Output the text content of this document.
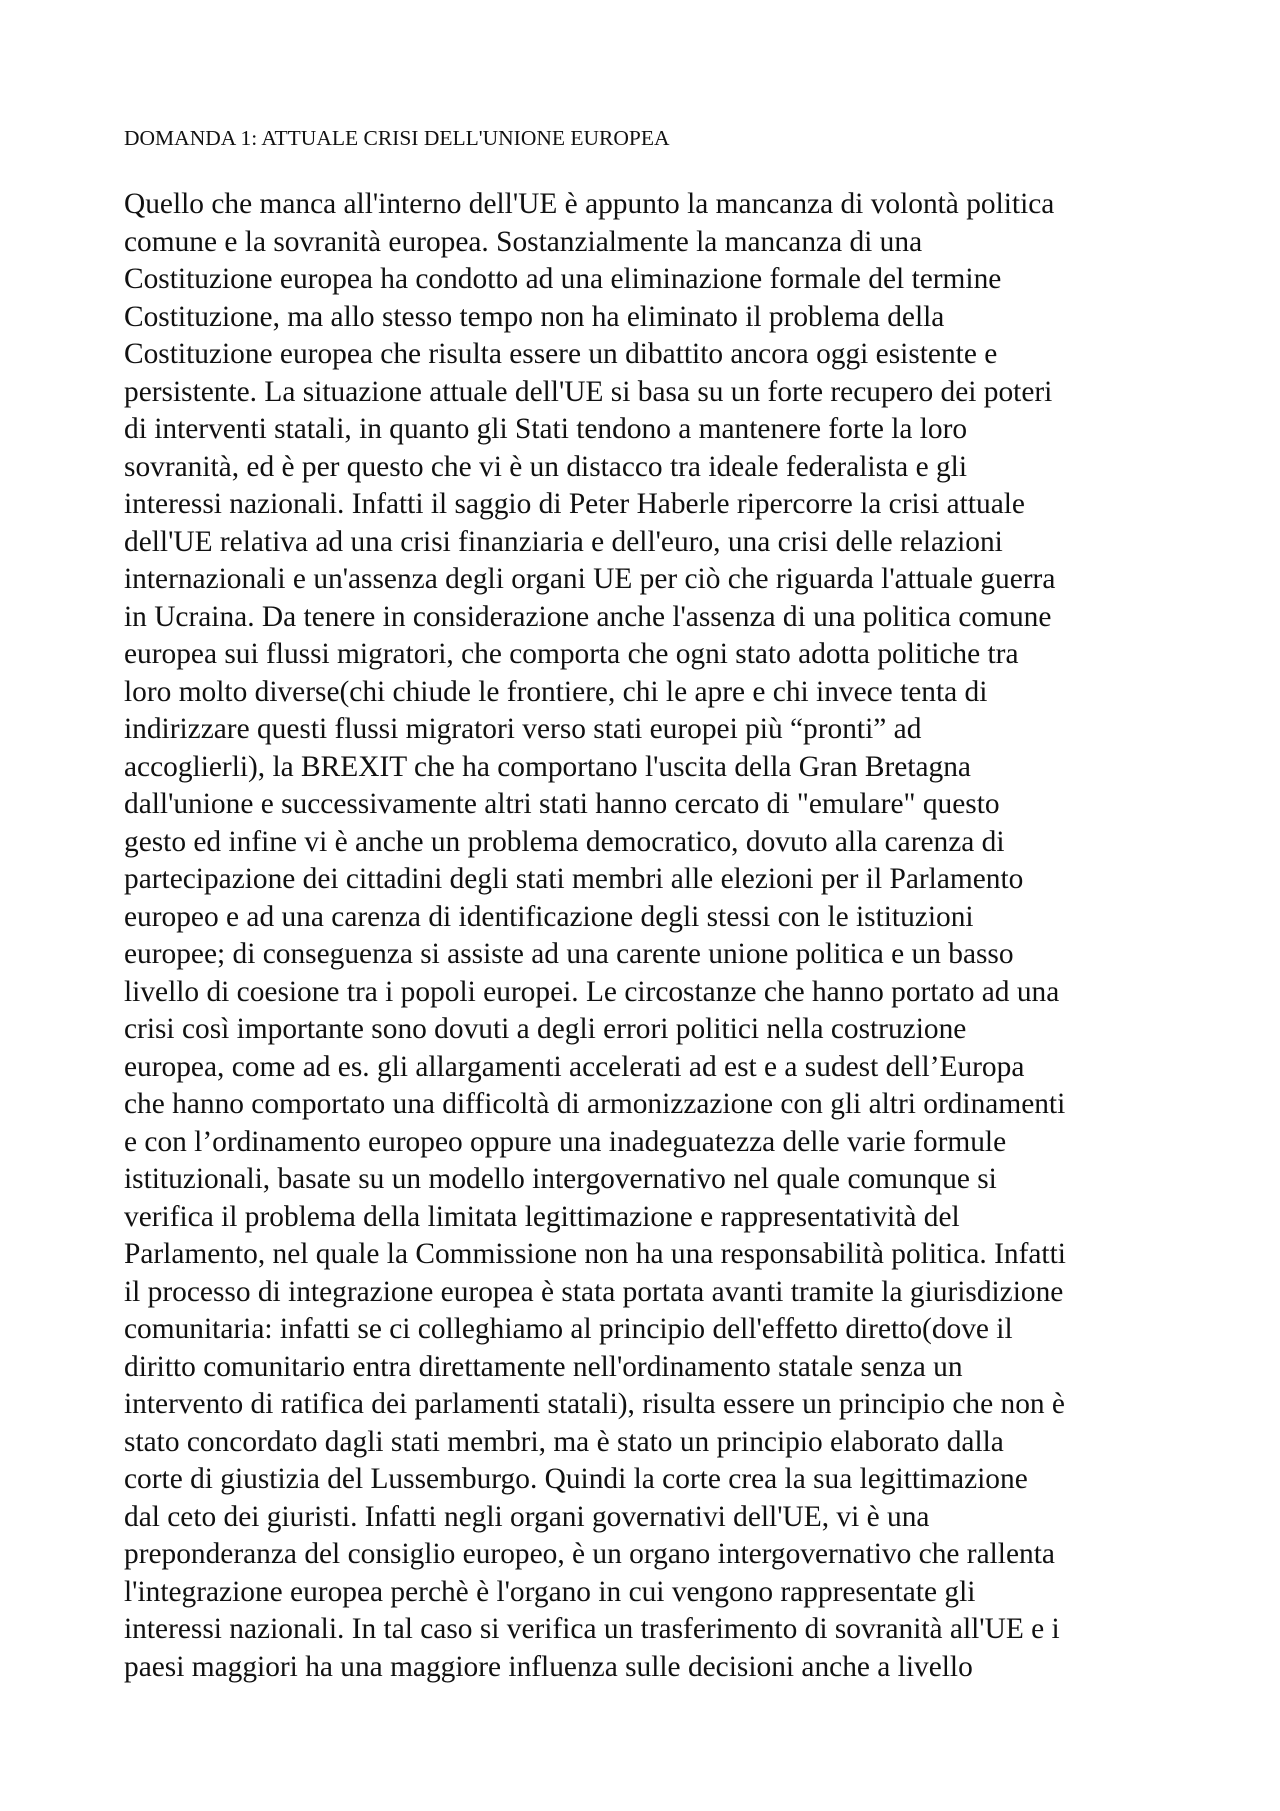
DOMANDA 1: ATTUALE CRISI DELL'UNIONE EUROPEA
Quello che manca all'interno dell'UE è appunto la mancanza di volontà politica
comune e la sovranità europea. Sostanzialmente la mancanza di una
Costituzione europea ha condotto ad una eliminazione formale del termine
Costituzione, ma allo stesso tempo non ha eliminato il problema della
Costituzione europea che risulta essere un dibattito ancora oggi esistente e
persistente. La situazione attuale dell'UE si basa su un forte recupero dei poteri
di interventi statali, in quanto gli Stati tendono a mantenere forte la loro
sovranità, ed è per questo che vi è un distacco tra ideale federalista e gli
interessi nazionali. Infatti il saggio di Peter Haberle ripercorre la crisi attuale
dell'UE relativa ad una crisi finanziaria e dell'euro, una crisi delle relazioni
internazionali e un'assenza degli organi UE per ciò che riguarda l'attuale guerra
in Ucraina. Da tenere in considerazione anche l'assenza di una politica comune
europea sui flussi migratori, che comporta che ogni stato adotta politiche tra
loro molto diverse(chi chiude le frontiere, chi le apre e chi invece tenta di
indirizzare questi flussi migratori verso stati europei più “pronti” ad
accoglierli), la BREXIT che ha comportano l'uscita della Gran Bretagna
dall'unione e successivamente altri stati hanno cercato di "emulare" questo
gesto ed infine vi è anche un problema democratico, dovuto alla carenza di
partecipazione dei cittadini degli stati membri alle elezioni per il Parlamento
europeo e ad una carenza di identificazione degli stessi con le istituzioni
europee; di conseguenza si assiste ad una carente unione politica e un basso
livello di coesione tra i popoli europei. Le circostanze che hanno portato ad una
crisi così importante sono dovuti a degli errori politici nella costruzione
europea, come ad es. gli allargamenti accelerati ad est e a sudest dell’Europa
che hanno comportato una difficoltà di armonizzazione con gli altri ordinamenti
e con l’ordinamento europeo oppure una inadeguatezza delle varie formule
istituzionali, basate su un modello intergovernativo nel quale comunque si
verifica il problema della limitata legittimazione e rappresentatività del
Parlamento, nel quale la Commissione non ha una responsabilità politica. Infatti
il processo di integrazione europea è stata portata avanti tramite la giurisdizione
comunitaria: infatti se ci colleghiamo al principio dell'effetto diretto(dove il
diritto comunitario entra direttamente nell'ordinamento statale senza un
intervento di ratifica dei parlamenti statali), risulta essere un principio che non è
stato concordato dagli stati membri, ma è stato un principio elaborato dalla
corte di giustizia del Lussemburgo. Quindi la corte crea la sua legittimazione
dal ceto dei giuristi. Infatti negli organi governativi dell'UE, vi è una
preponderanza del consiglio europeo, è un organo intergovernativo che rallenta
l'integrazione europea perchè è l'organo in cui vengono rappresentate gli
interessi nazionali. In tal caso si verifica un trasferimento di sovranità all'UE e i
paesi maggiori ha una maggiore influenza sulle decisioni anche a livello
